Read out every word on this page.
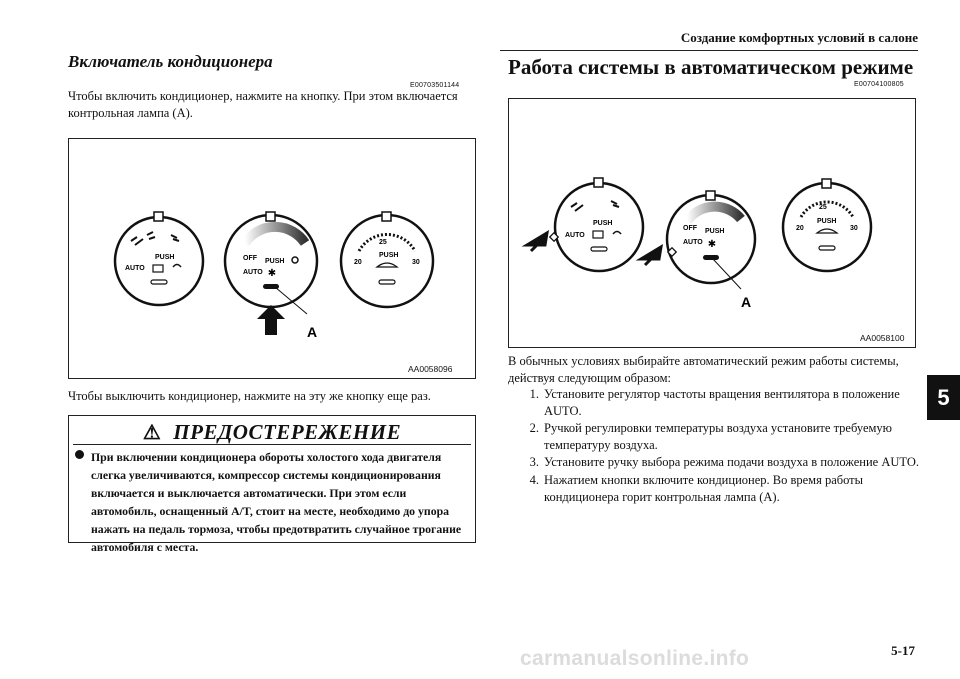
Создание комфортных условий в салоне
Включатель кондиционера
E00703501144
Чтобы включить кондиционер, нажмите на кнопку. При этом включается контрольная лампа (A).
PUSH
AUTO
OFF PUSH
AUTO ✱
A
25
PUSH
20	30
AA0058096
Чтобы выключить кондиционер, нажмите на эту же кнопку еще раз.
⚠ ПРЕДОСТЕРЕЖЕНИЕ
При включении кондиционера обороты холостого хода двигателя слегка увеличиваются, компрессор системы кондиционирования включается и выключается автоматически. При этом если автомобиль, оснащенный A/T, стоит на месте, необходимо до упора нажать на педаль тормоза, чтобы предотвратить случайное трогание автомобиля с места.
Работа системы в автоматическом режиме
E00704100805
PUSH
AUTO
OFF PUSH
AUTO ✱
A
25
PUSH
20	30
AA0058100
В обычных условиях выбирайте автоматический режим работы системы, действуя следующим образом:
1. Установите регулятор частоты вращения вентилятора в положение AUTO.
2. Ручкой регулировки температуры воздуха установите требуемую температуру воздуха.
3. Установите ручку выбора режима подачи воздуха в положение AUTO.
4. Нажатием кнопки включите кондиционер. Во время работы кондиционера горит контрольная лампа (A).
5
5-17
carmanualsonline.info
